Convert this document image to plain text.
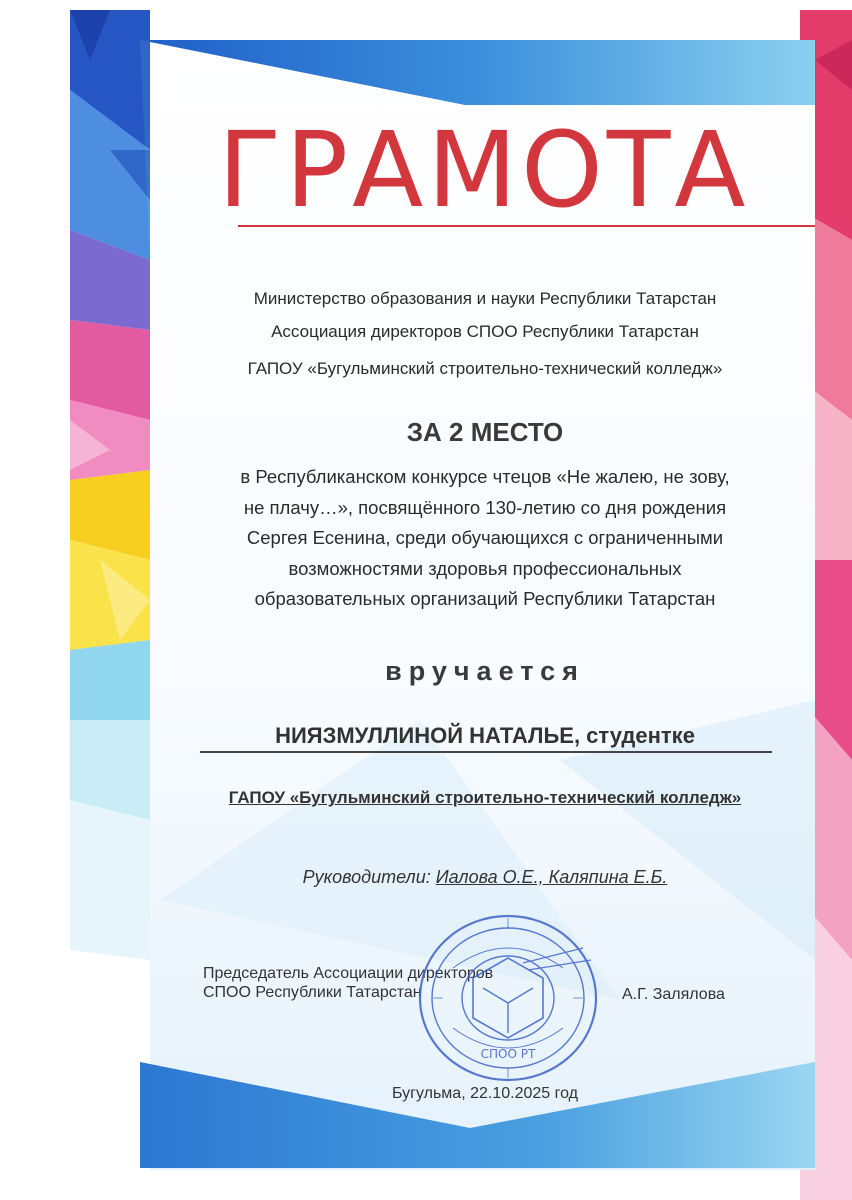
ГРАМОТА

Министерство образования и науки Республики Татарстан

Ассоциация директоров СПОО Республики Татарстан

ГАПОУ «Бугульминский строительно-технический колледж»

ЗА 2 МЕСТО

в Республиканском конкурсе чтецов «Не жалею, не зову,
не плачу…», посвящённого 130-летию со дня рождения
Сергея Есенина, среди обучающихся с ограниченными
возможностями здоровья профессиональных
образовательных организаций Республики Татарстан

вручается

НИЯЗМУЛЛИНОЙ НАТАЛЬЕ, студентке

ГАПОУ «Бугульминский строительно-технический колледж»

Руководители: Иалова О.Е., Каляпина Е.Б.

Председатель Ассоциации директоров
СПОО Республики Татарстан	А.Г. Залялова
СПОО РТ

Бугульма, 22.10.2025 год
